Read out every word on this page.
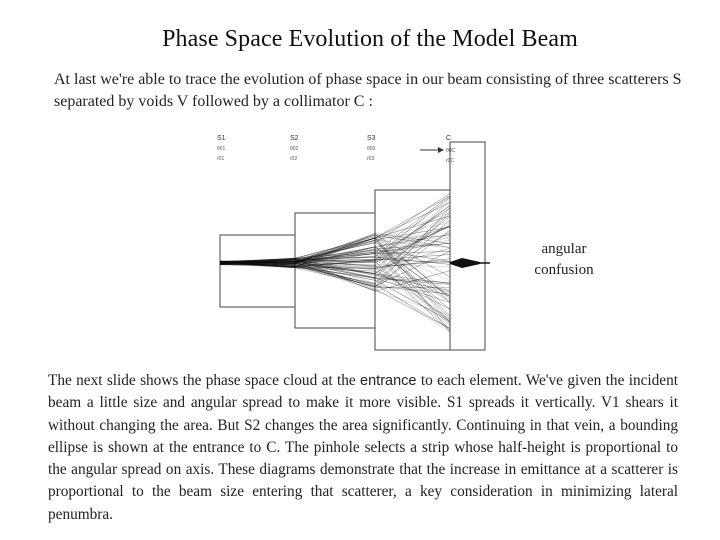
Phase Space Evolution of the Model Beam
At last we're able to trace the evolution of phase space in our beam consisting of three scatterers S separated by voids V followed by a collimator C :
S1
θ01
r01
S2
θ02
r02
S3
θ03
r03
C
θ0C
r0C
angular
confusion
The next slide shows the phase space cloud at the entrance to each element. We've given the incident beam a little size and angular spread to make it more visible. S1 spreads it vertically. V1 shears it without changing the area. But S2 changes the area significantly. Continuing in that vein, a bounding ellipse is shown at the entrance to C. The pinhole selects a strip whose half-height is proportional to the angular spread on axis. These diagrams demonstrate that the increase in emittance at a scatterer is proportional to the beam size entering that scatterer, a key consideration in minimizing lateral penumbra.
